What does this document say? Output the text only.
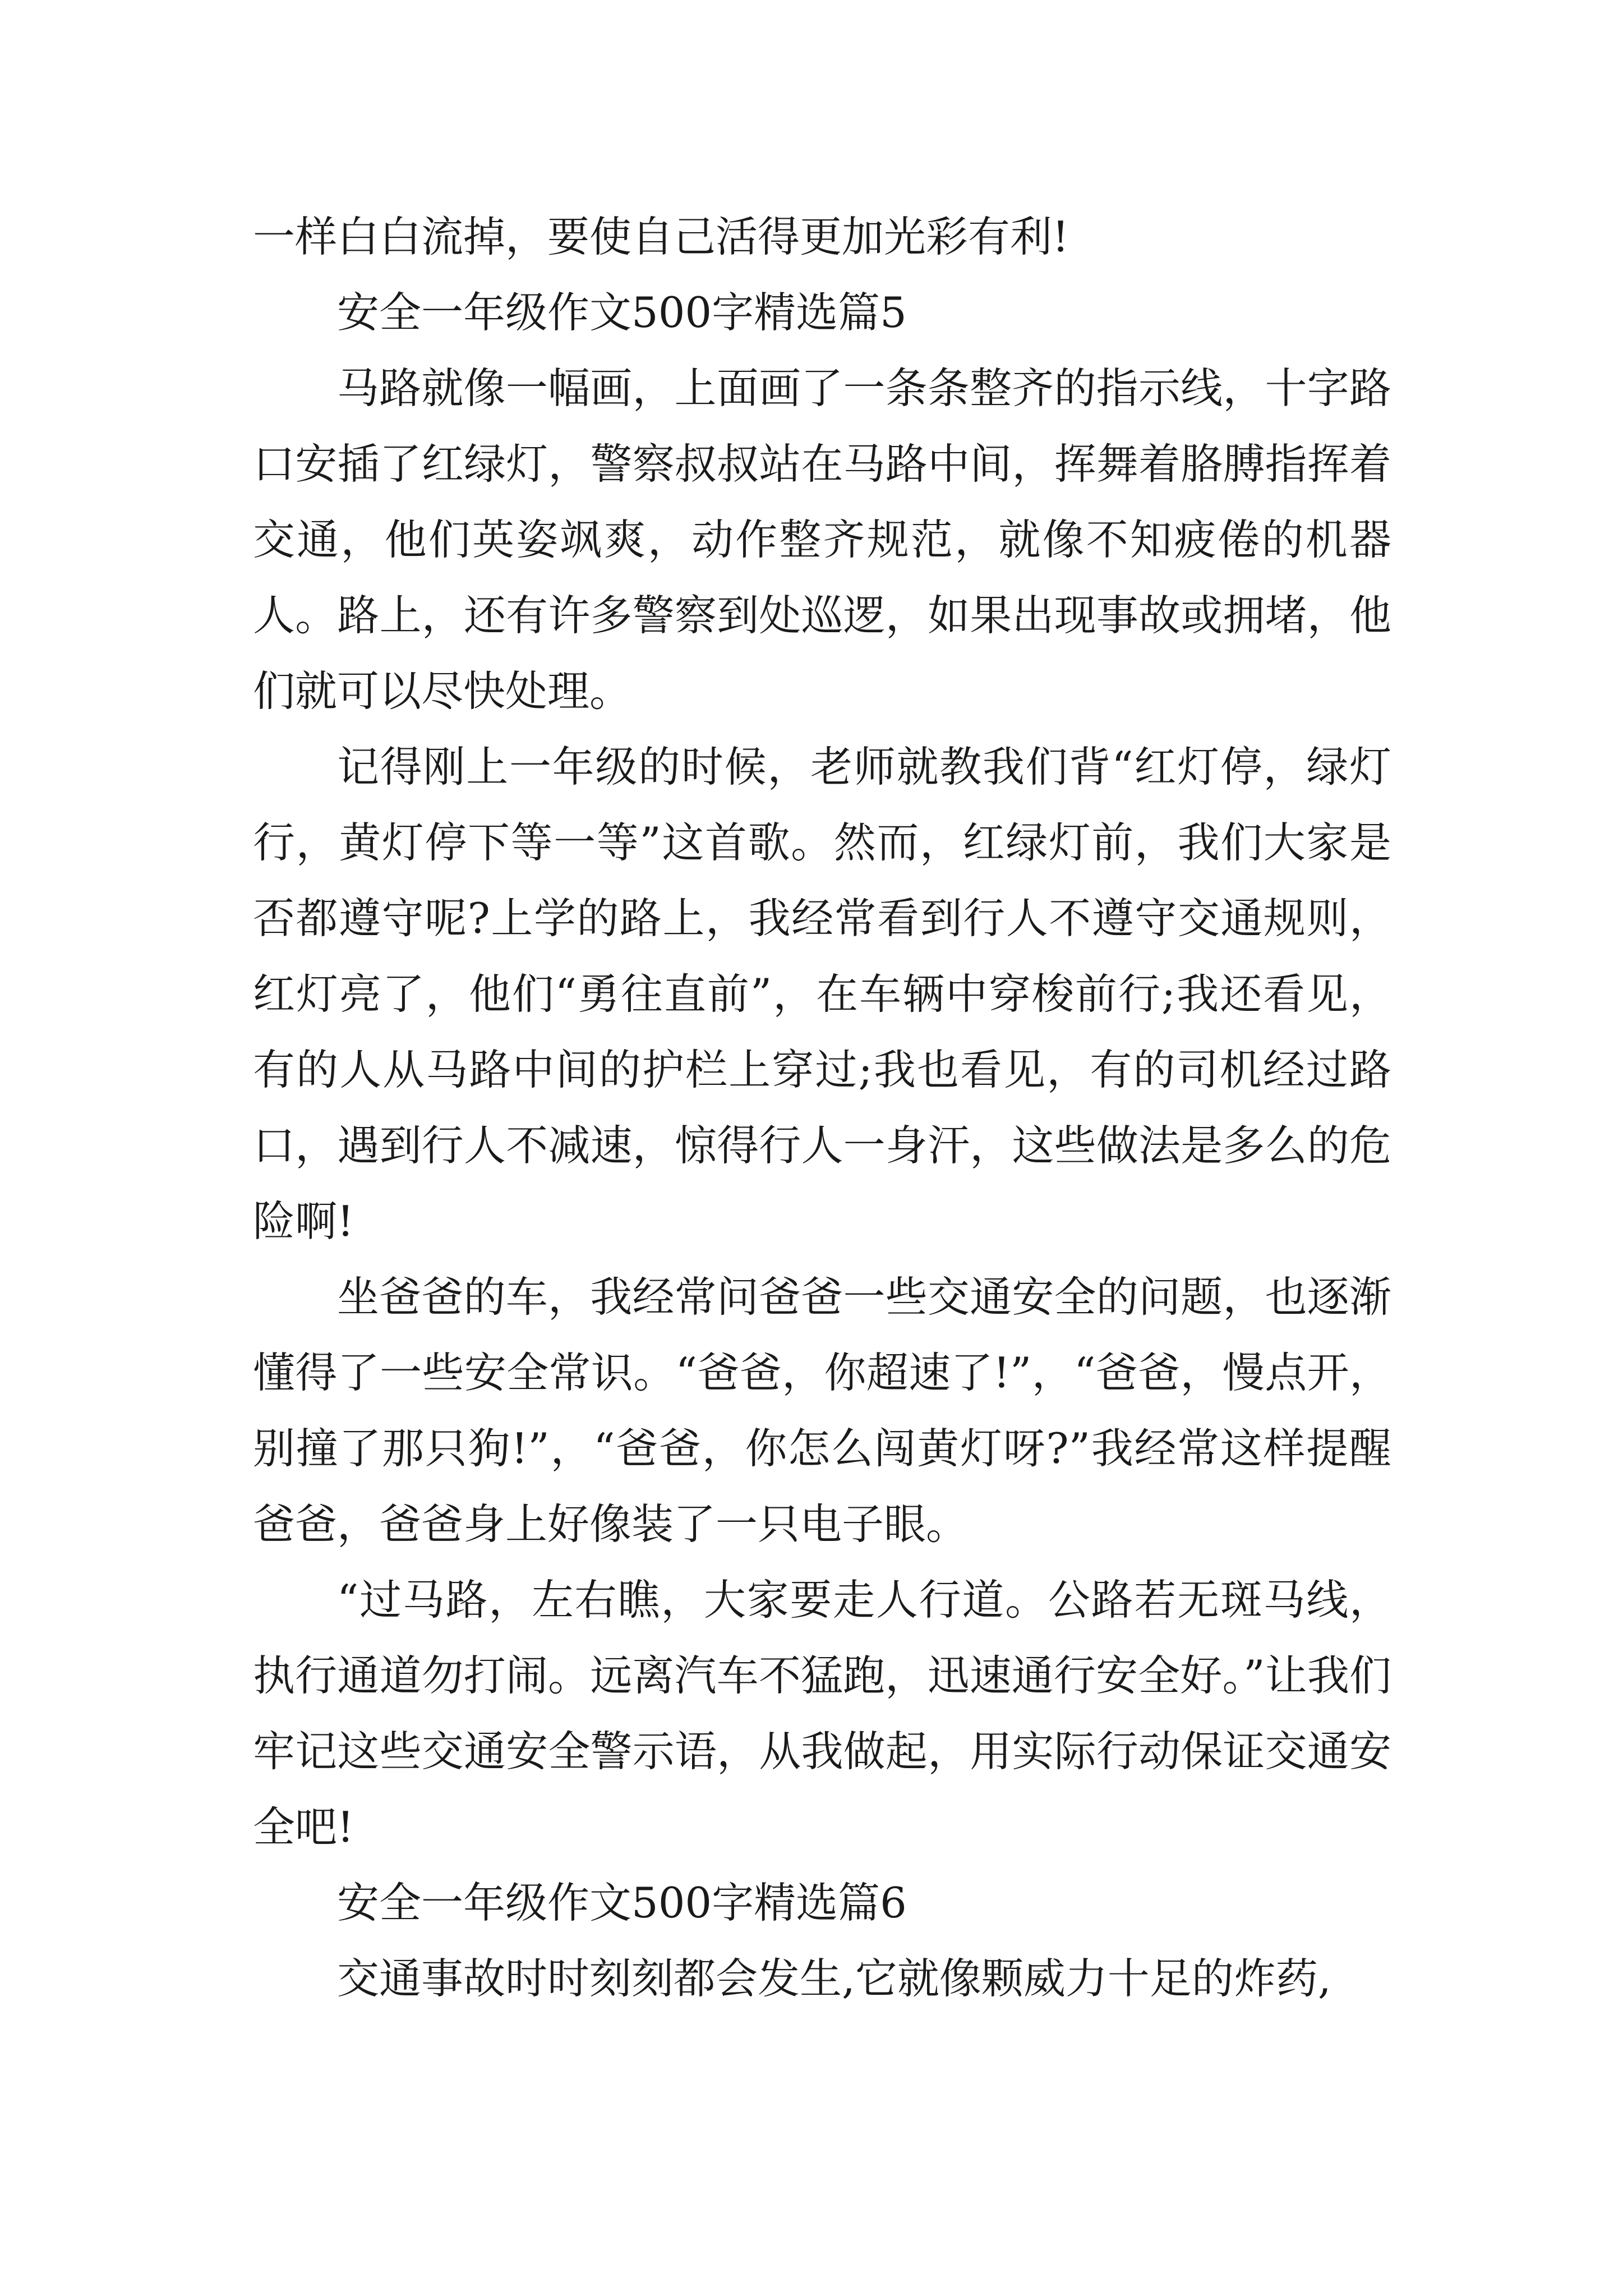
一样白白流掉，要使自己活得更加光彩有利!

安全一年级作文500字精选篇5

马路就像一幅画，上面画了一条条整齐的指示线，十字路口安插了红绿灯，警察叔叔站在马路中间，挥舞着胳膊指挥着交通，他们英姿飒爽，动作整齐规范，就像不知疲倦的机器人。路上，还有许多警察到处巡逻，如果出现事故或拥堵，他们就可以尽快处理。

记得刚上一年级的时候，老师就教我们背“红灯停，绿灯行，黄灯停下等一等”这首歌。然而，红绿灯前，我们大家是否都遵守呢?上学的路上，我经常看到行人不遵守交通规则，红灯亮了，他们“勇往直前”，在车辆中穿梭前行;我还看见，有的人从马路中间的护栏上穿过;我也看见，有的司机经过路口，遇到行人不减速，惊得行人一身汗，这些做法是多么的危险啊!

坐爸爸的车，我经常问爸爸一些交通安全的问题，也逐渐懂得了一些安全常识。“爸爸，你超速了!”，“爸爸，慢点开，别撞了那只狗!”，“爸爸，你怎么闯黄灯呀?”我经常这样提醒爸爸，爸爸身上好像装了一只电子眼。

“过马路，左右瞧，大家要走人行道。公路若无斑马线，执行通道勿打闹。远离汽车不猛跑，迅速通行安全好。”让我们牢记这些交通安全警示语，从我做起，用实际行动保证交通安全吧!

安全一年级作文500字精选篇6

交通事故时时刻刻都会发生,它就像颗威力十足的炸药,
